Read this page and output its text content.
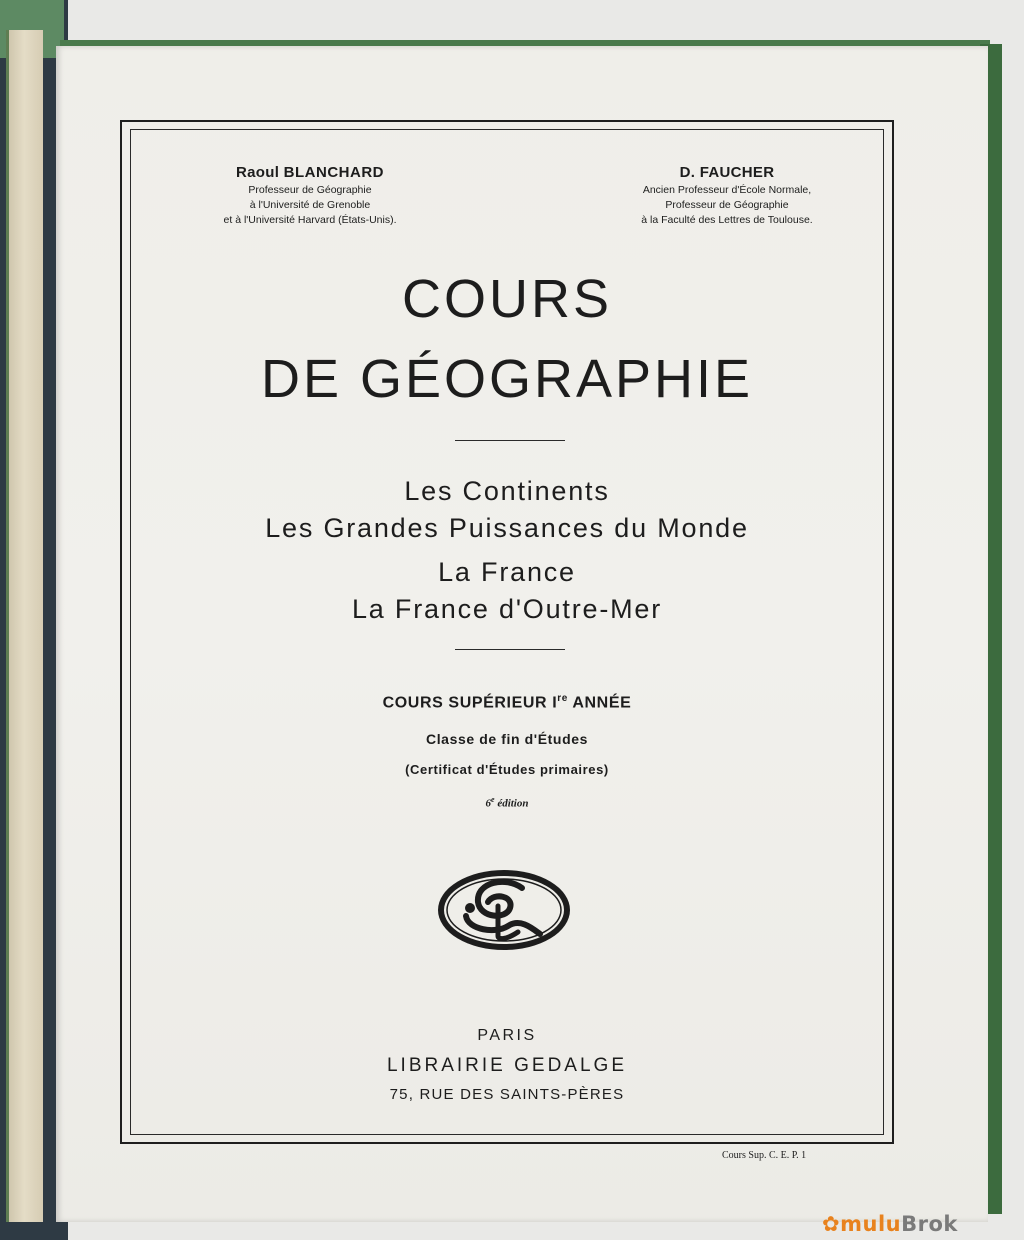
Raoul BLANCHARD
Professeur de Géographie
à l'Université de Grenoble
et à l'Université Harvard (États-Unis).
D. FAUCHER
Ancien Professeur d'École Normale,
Professeur de Géographie
à la Faculté des Lettres de Toulouse.
COURS
DE GÉOGRAPHIE
Les Continents
Les Grandes Puissances du Monde
La France
La France d'Outre-Mer
COURS SUPÉRIEUR Ire ANNÉE
Classe de fin d'Études
(Certificat d'Études primaires)
6e édition
PARIS
LIBRAIRIE GEDALGE
75, RUE DES SAINTS-PÈRES
Cours Sup. C. E. P. 1
✿muluBrok
